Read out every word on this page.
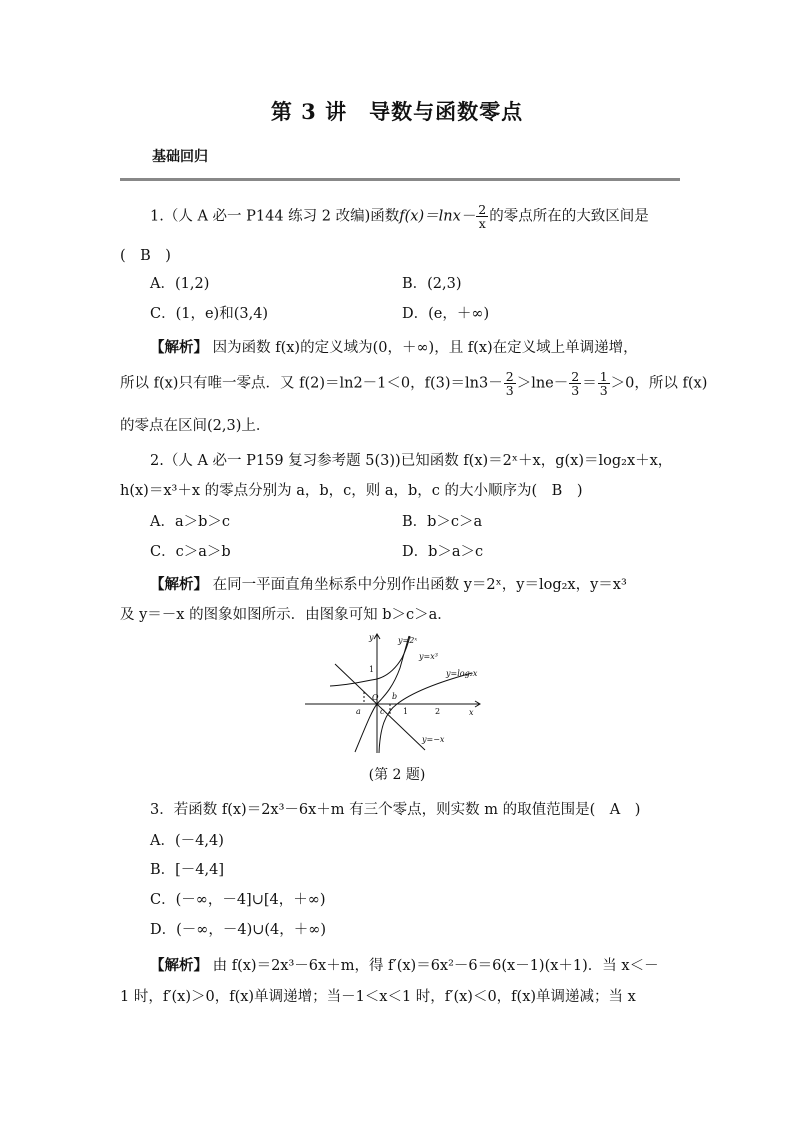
第 3 讲　导数与函数零点
基础回归
1.（人 A 必一 P144 练习 2 改编)函数$f(x)=\ln x- \frac{2}{x}$ 的零点所在的大致区间是
(　B　)
A．(1,2)	B．(2,3)
C．(1，e)和(3,4)	D．(e，＋∞)
【解析】 因为函数 f(x)的定义域为(0，＋∞)，且 f(x)在定义域上单调递增，
所以 f(x)只有唯一零点．又 f(2)＝ln2－1＜0，$f(3)=\ln 3- \frac{2}{3} >\ln e- \frac{2}{3} = \frac{1}{3} >0$，所以 f(x)
的零点在区间(2,3)上．
2.（人 A 必一 P159 复习参考题 5(3))已知函数 f(x)＝2ˣ＋x，g(x)＝log₂x＋x，
h(x)＝x³＋x 的零点分别为 a，b，c，则 a，b，c 的大小顺序为(　B　)
A．a＞b＞c	B．b＞c＞a
C．c＞a＞b	D．b＞a＞c
【解析】 在同一平面直角坐标系中分别作出函数 y＝2ˣ，y＝log₂x，y＝x³
及 y＝－x 的图象如图所示．由图象可知 b＞c＞a．
y
x
y=2ˣ
y=x³
y=log₂x
y=−x
1
O b
a c 1	2
(第 2 题)
3．若函数 f(x)＝2x³－6x＋m 有三个零点，则实数 m 的取值范围是(　A　)
A．(－4,4)
B．[－4,4]
C．(－∞，－4]∪[4，＋∞)
D．(－∞，－4)∪(4，＋∞)
【解析】 由 f(x)＝2x³－6x＋m，得 f′(x)＝6x²－6＝6(x－1)(x＋1)．当 x＜－
1 时，f′(x)＞0，f(x)单调递增；当－1＜x＜1 时，f′(x)＜0，f(x)单调递减；当 x
